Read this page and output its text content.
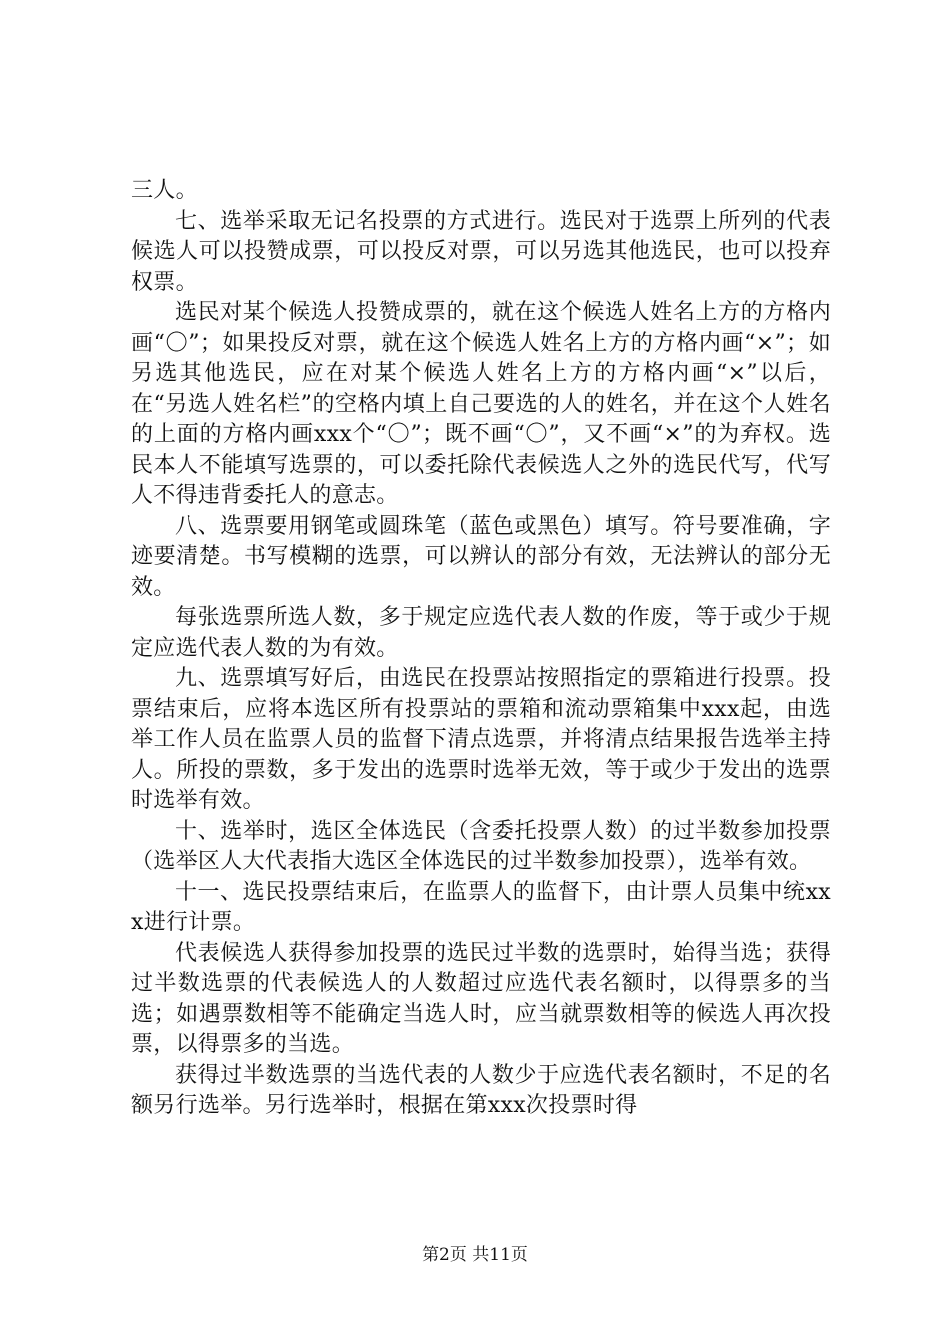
三人。

七、选举采取无记名投票的方式进行。选民对于选票上所列的代表候选人可以投赞成票，可以投反对票，可以另选其他选民，也可以投弃权票。

选民对某个候选人投赞成票的，就在这个候选人姓名上方的方格内画“〇”；如果投反对票，就在这个候选人姓名上方的方格内画“×”；如另选其他选民，应在对某个候选人姓名上方的方格内画“×”以后，在“另选人姓名栏”的空格内填上自己要选的人的姓名，并在这个人姓名的上面的方格内画xxx个“〇”；既不画“〇”，又不画“×”的为弃权。选民本人不能填写选票的，可以委托除代表候选人之外的选民代写，代写人不得违背委托人的意志。

八、选票要用钢笔或圆珠笔（蓝色或黑色）填写。符号要准确，字迹要清楚。书写模糊的选票，可以辨认的部分有效，无法辨认的部分无效。

每张选票所选人数，多于规定应选代表人数的作废，等于或少于规定应选代表人数的为有效。

九、选票填写好后，由选民在投票站按照指定的票箱进行投票。投票结束后，应将本选区所有投票站的票箱和流动票箱集中xxx起，由选举工作人员在监票人员的监督下清点选票，并将清点结果报告选举主持人。所投的票数，多于发出的选票时选举无效，等于或少于发出的选票时选举有效。

十、选举时，选区全体选民（含委托投票人数）的过半数参加投票（选举区人大代表指大选区全体选民的过半数参加投票），选举有效。

十一、选民投票结束后，在监票人的监督下，由计票人员集中统xxx进行计票。

代表候选人获得参加投票的选民过半数的选票时，始得当选；获得过半数选票的代表候选人的人数超过应选代表名额时，以得票多的当选；如遇票数相等不能确定当选人时，应当就票数相等的候选人再次投票，以得票多的当选。

获得过半数选票的当选代表的人数少于应选代表名额时，不足的名额另行选举。另行选举时，根据在第xxx次投票时得

第2页 共11页
